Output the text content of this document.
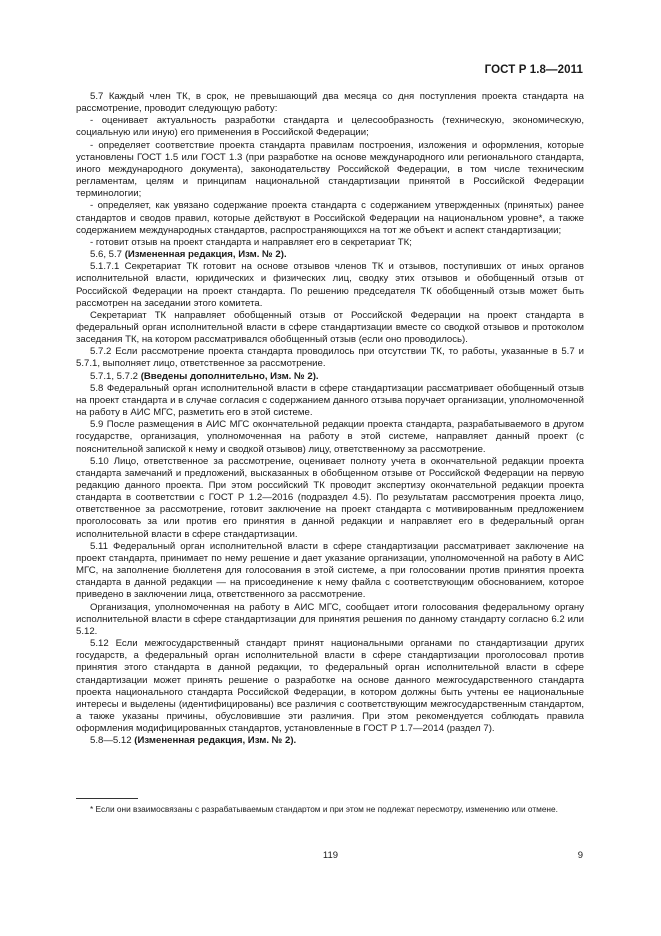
ГОСТ Р 1.8—2011

5.7 Каждый член ТК, в срок, не превышающий два месяца со дня поступления проекта стандарта на рассмотрение, проводит следующую работу:

- оценивает актуальность разработки стандарта и целесообразность (техническую, экономическую, социальную или иную) его применения в Российской Федерации;

- определяет соответствие проекта стандарта правилам построения, изложения и оформления, которые установлены ГОСТ 1.5 или ГОСТ 1.3 (при разработке на основе международного или регионального стандарта, иного международного документа), законодательству Российской Федерации, в том числе техническим регламентам, целям и принципам национальной стандартизации принятой в Российской Федерации терминологии;

- определяет, как увязано содержание проекта стандарта с содержанием утвержденных (принятых) ранее стандартов и сводов правил, которые действуют в Российской Федерации на национальном уровне*, а также содержанием международных стандартов, распространяющихся на тот же объект и аспект стандартизации;

- готовит отзыв на проект стандарта и направляет его в секретариат ТК;

5.6, 5.7 (Измененная редакция, Изм. № 2).

5.1.7.1 Секретариат ТК готовит на основе отзывов членов ТК и отзывов, поступивших от иных органов исполнительной власти, юридических и физических лиц, сводку этих отзывов и обобщенный отзыв от Российской Федерации на проект стандарта. По решению председателя ТК обобщенный отзыв может быть рассмотрен на заседании этого комитета.

Секретариат ТК направляет обобщенный отзыв от Российской Федерации на проект стандарта в федеральный орган исполнительной власти в сфере стандартизации вместе со сводкой отзывов и протоколом заседания ТК, на котором рассматривался обобщенный отзыв (если оно проводилось).

5.7.2 Если рассмотрение проекта стандарта проводилось при отсутствии ТК, то работы, указанные в 5.7 и 5.7.1, выполняет лицо, ответственное за рассмотрение.

5.7.1, 5.7.2 (Введены дополнительно, Изм. № 2).

5.8 Федеральный орган исполнительной власти в сфере стандартизации рассматривает обобщенный отзыв на проект стандарта и в случае согласия с содержанием данного отзыва поручает организации, уполномоченной на работу в АИС МГС, разметить его в этой системе.

5.9 После размещения в АИС МГС окончательной редакции проекта стандарта, разрабатываемого в другом государстве, организация, уполномоченная на работу в этой системе, направляет данный проект (с пояснительной запиской к нему и сводкой отзывов) лицу, ответственному за рассмотрение.

5.10 Лицо, ответственное за рассмотрение, оценивает полноту учета в окончательной редакции проекта стандарта замечаний и предложений, высказанных в обобщенном отзыве от Российской Федерации на первую редакцию данного проекта. При этом российский ТК проводит экспертизу окончательной редакции проекта стандарта в соответствии с ГОСТ Р 1.2—2016 (подраздел 4.5). По результатам рассмотрения проекта лицо, ответственное за рассмотрение, готовит заключение на проект стандарта с мотивированным предложением проголосовать за или против его принятия в данной редакции и направляет его в федеральный орган исполнительной власти в сфере стандартизации.

5.11 Федеральный орган исполнительной власти в сфере стандартизации рассматривает заключение на проект стандарта, принимает по нему решение и дает указание организации, уполномоченной на работу в АИС МГС, на заполнение бюллетеня для голосования в этой системе, а при голосовании против принятия проекта стандарта в данной редакции — на присоединение к нему файла с соответствующим обоснованием, которое приведено в заключении лица, ответственного за рассмотрение.

Организация, уполномоченная на работу в АИС МГС, сообщает итоги голосования федеральному органу исполнительной власти в сфере стандартизации для принятия решения по данному стандарту согласно 6.2 или 5.12.

5.12 Если межгосударственный стандарт принят национальными органами по стандартизации других государств, а федеральный орган исполнительной власти в сфере стандартизации проголосовал против принятия этого стандарта в данной редакции, то федеральный орган исполнительной власти в сфере стандартизации может принять решение о разработке на основе данного межгосударственного стандарта проекта национального стандарта Российской Федерации, в котором должны быть учтены ее национальные интересы и выделены (идентифицированы) все различия с соответствующим межгосударственным стандартом, а также указаны причины, обусловившие эти различия. При этом рекомендуется соблюдать правила оформления модифицированных стандартов, установленные в ГОСТ Р 1.7—2014 (раздел 7).

5.8—5.12 (Измененная редакция, Изм. № 2).

* Если они взаимосвязаны с разрабатываемым стандартом и при этом не подлежат пересмотру, изменению или отмене.

119	9
